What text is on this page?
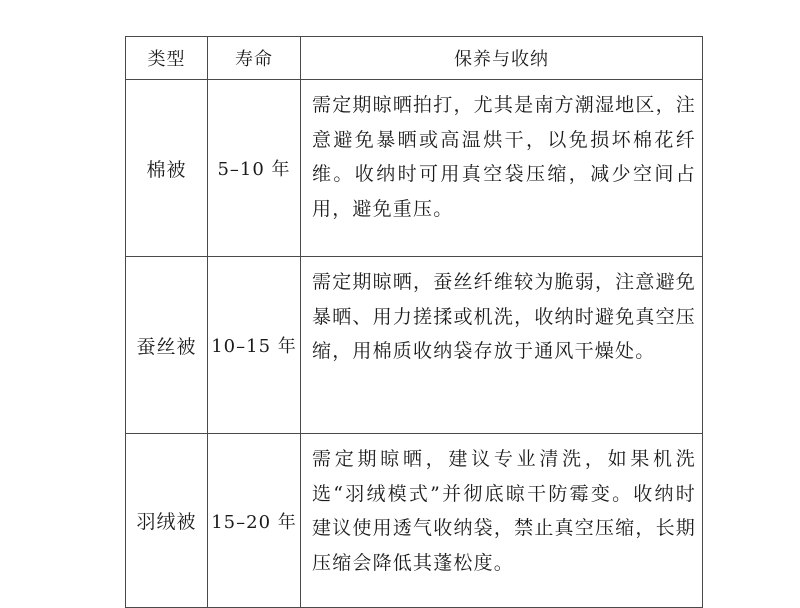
类型	寿命	保养与收纳
棉被	5–10 年	需定期晾晒拍打，尤其是南方潮湿地区，注意避免暴晒或高温烘干，以免损坏棉花纤维。收纳时可用真空袋压缩，减少空间占用，避免重压。
蚕丝被	10–15 年	需定期晾晒，蚕丝纤维较为脆弱，注意避免暴晒、用力搓揉或机洗，收纳时避免真空压缩，用棉质收纳袋存放于通风干燥处。
羽绒被	15–20 年	需定期晾晒，建议专业清洗，如果机洗选“羽绒模式”并彻底晾干防霉变。收纳时建议使用透气收纳袋，禁止真空压缩，长期压缩会降低其蓬松度。
